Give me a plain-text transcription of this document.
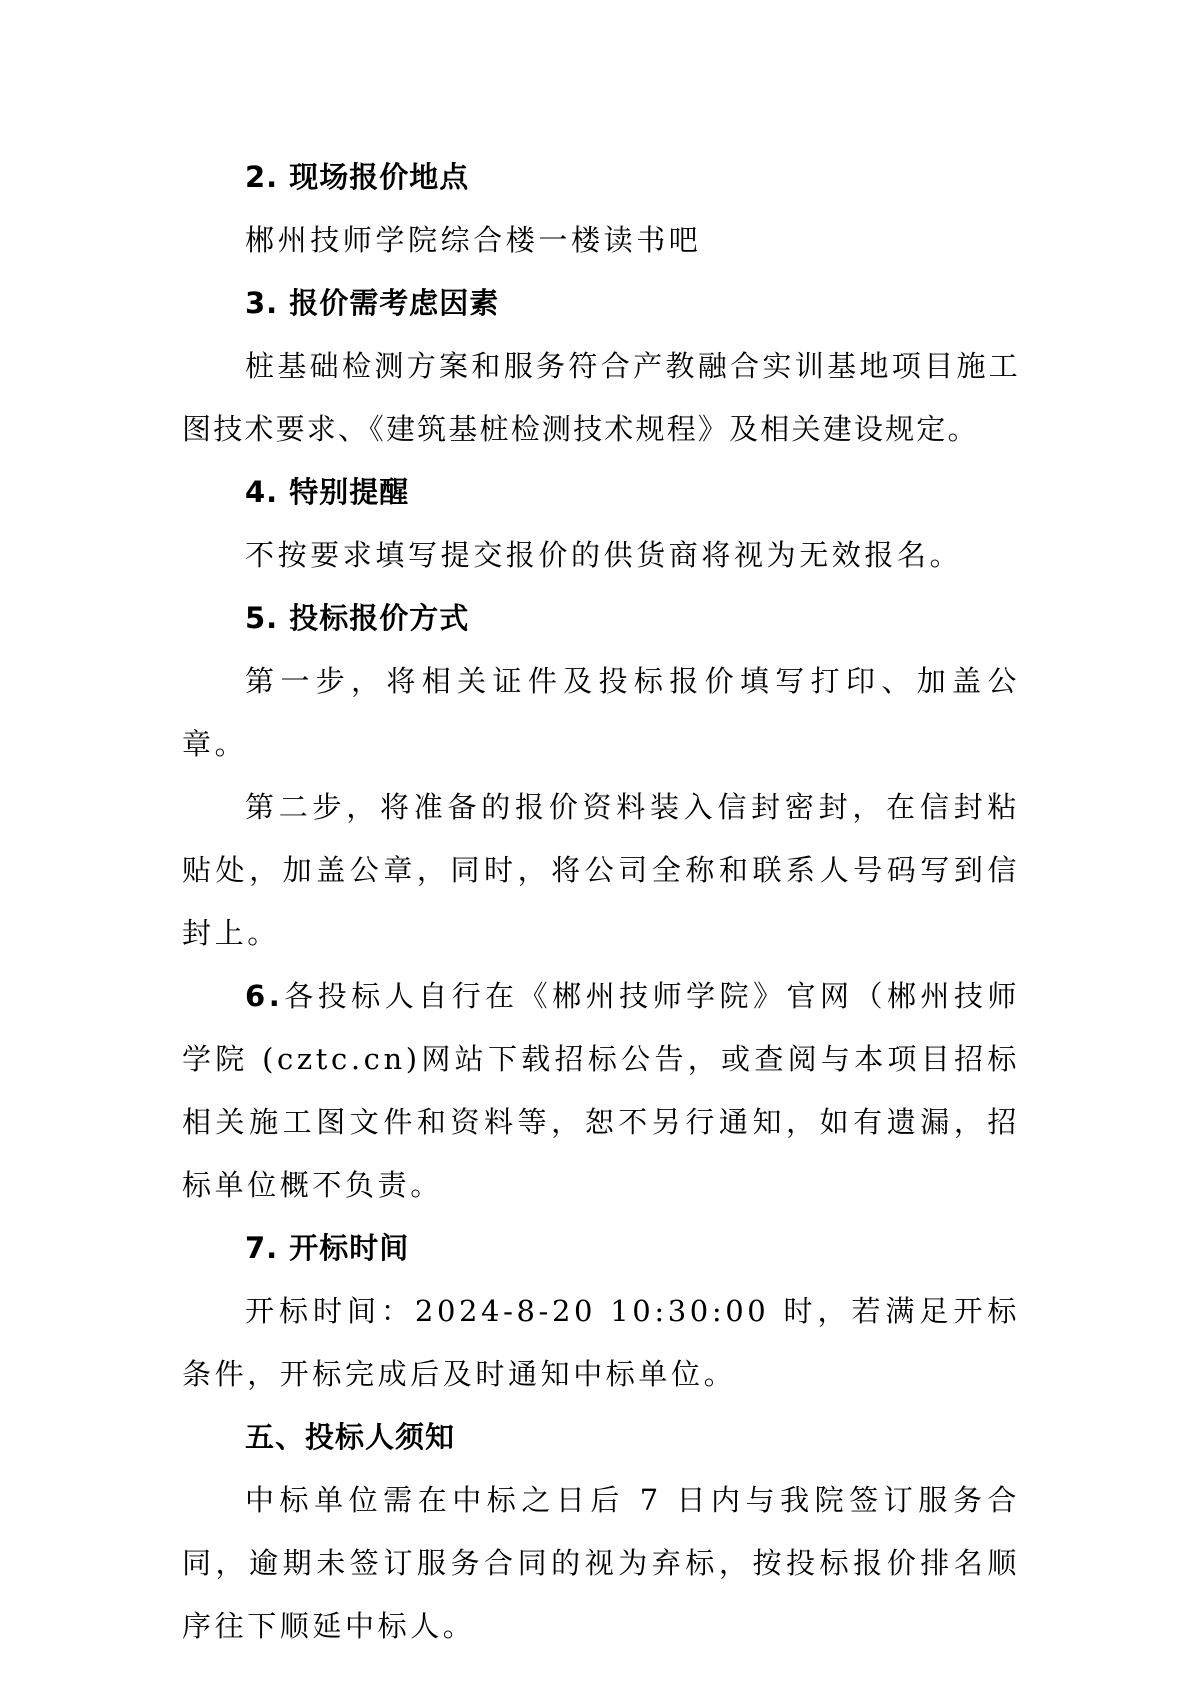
2. 现场报价地点
郴州技师学院综合楼一楼读书吧
3. 报价需考虑因素
桩基础检测方案和服务符合产教融合实训基地项目施工图技术要求、《建筑基桩检测技术规程》及相关建设规定。
4. 特别提醒
不按要求填写提交报价的供货商将视为无效报名。
5. 投标报价方式
第一步，将相关证件及投标报价填写打印、加盖公章。
第二步，将准备的报价资料装入信封密封，在信封粘贴处，加盖公章，同时，将公司全称和联系人号码写到信封上。
6.各投标人自行在《郴州技师学院》官网（郴州技师学院 (cztc.cn)网站下载招标公告，或查阅与本项目招标相关施工图文件和资料等，恕不另行通知，如有遗漏，招标单位概不负责。
7. 开标时间
开标时间：2024-8-20 10:30:00 时，若满足开标条件，开标完成后及时通知中标单位。
五、投标人须知
中标单位需在中标之日后 7 日内与我院签订服务合同，逾期未签订服务合同的视为弃标，按投标报价排名顺序往下顺延中标人。
